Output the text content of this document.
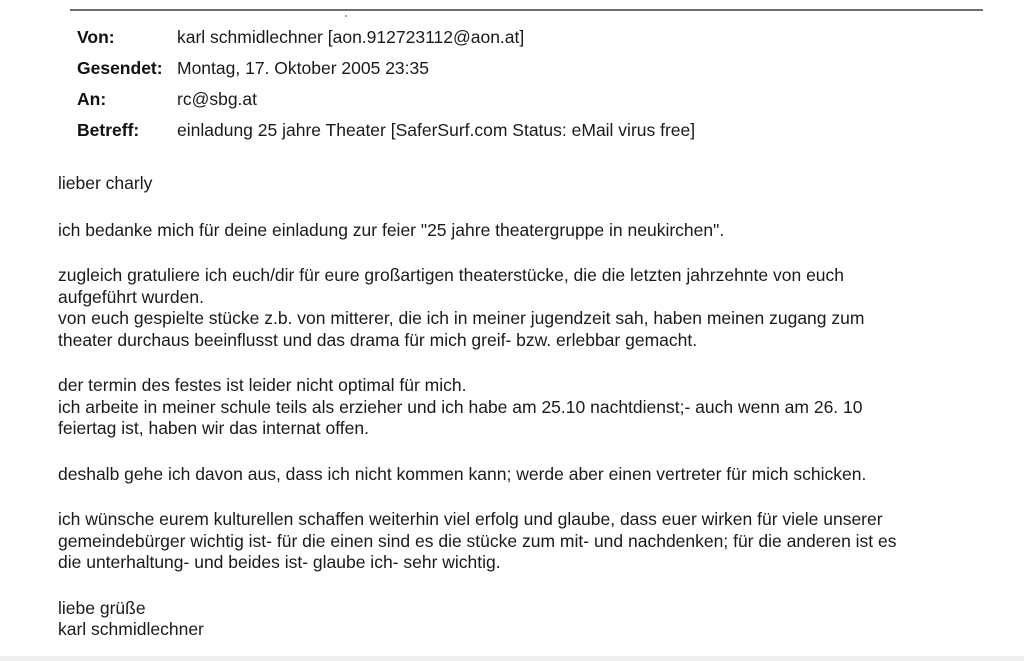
Von:	karl schmidlechner [aon.912723112@aon.at]
Gesendet: Montag, 17. Oktober 2005 23:35
An:	rc@sbg.at
Betreff:	einladung 25 jahre Theater [SaferSurf.com Status: eMail virus free]

lieber charly

ich bedanke mich für deine einladung zur feier "25 jahre theatergruppe in neukirchen".

zugleich gratuliere ich euch/dir für eure großartigen theaterstücke, die die letzten jahrzehnte von euch

aufgeführt wurden.

von euch gespielte stücke z.b. von mitterer, die ich in meiner jugendzeit sah, haben meinen zugang zum

theater durchaus beeinflusst und das drama für mich greif- bzw. erlebbar gemacht.

der termin des festes ist leider nicht optimal für mich.

ich arbeite in meiner schule teils als erzieher und ich habe am 25.10 nachtdienst;- auch wenn am 26. 10

feiertag ist, haben wir das internat offen.

deshalb gehe ich davon aus, dass ich nicht kommen kann; werde aber einen vertreter für mich schicken.

ich wünsche eurem kulturellen schaffen weiterhin viel erfolg und glaube, dass euer wirken für viele unserer

gemeindebürger wichtig ist- für die einen sind es die stücke zum mit- und nachdenken; für die anderen ist es

die unterhaltung- und beides ist- glaube ich- sehr wichtig.

liebe grüße

karl schmidlechner
